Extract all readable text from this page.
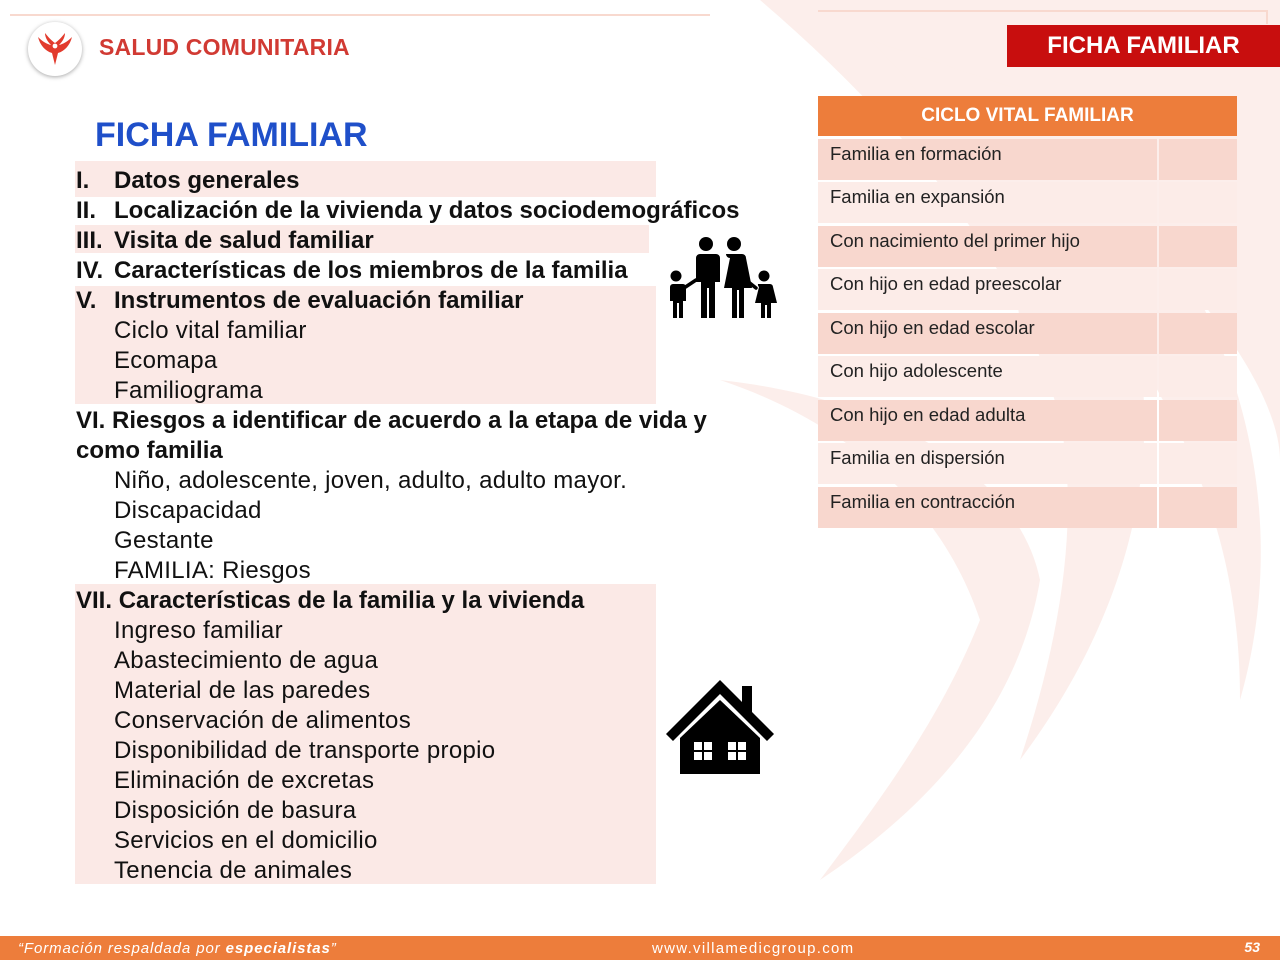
SALUD COMUNITARIA	FICHA FAMILIAR
FICHA FAMILIAR
I. Datos generales
II. Localización de la vivienda y datos sociodemográficos
III. Visita de salud familiar
IV. Características de los miembros de la familia
V. Instrumentos de evaluación familiar
Ciclo vital familiar
Ecomapa
Familiograma
VI. Riesgos a identificar de acuerdo a la etapa de vida y como familia
Niño, adolescente, joven, adulto, adulto mayor.
Discapacidad
Gestante
FAMILIA: Riesgos
VII. Características de la familia y la vivienda
Ingreso familiar
Abastecimiento de agua
Material de las paredes
Conservación de alimentos
Disponibilidad de transporte propio
Eliminación de excretas
Disposición de basura
Servicios en el domicilio
Tenencia de animales
CICLO VITAL FAMILIAR
Familia en formación
Familia en expansión
Con nacimiento del primer hijo
Con hijo en edad preescolar
Con hijo en edad escolar
Con hijo adolescente
Con hijo en edad adulta
Familia en dispersión
Familia en contracción
“Formación respaldada por especialistas”	www.villamedicgroup.com	53
